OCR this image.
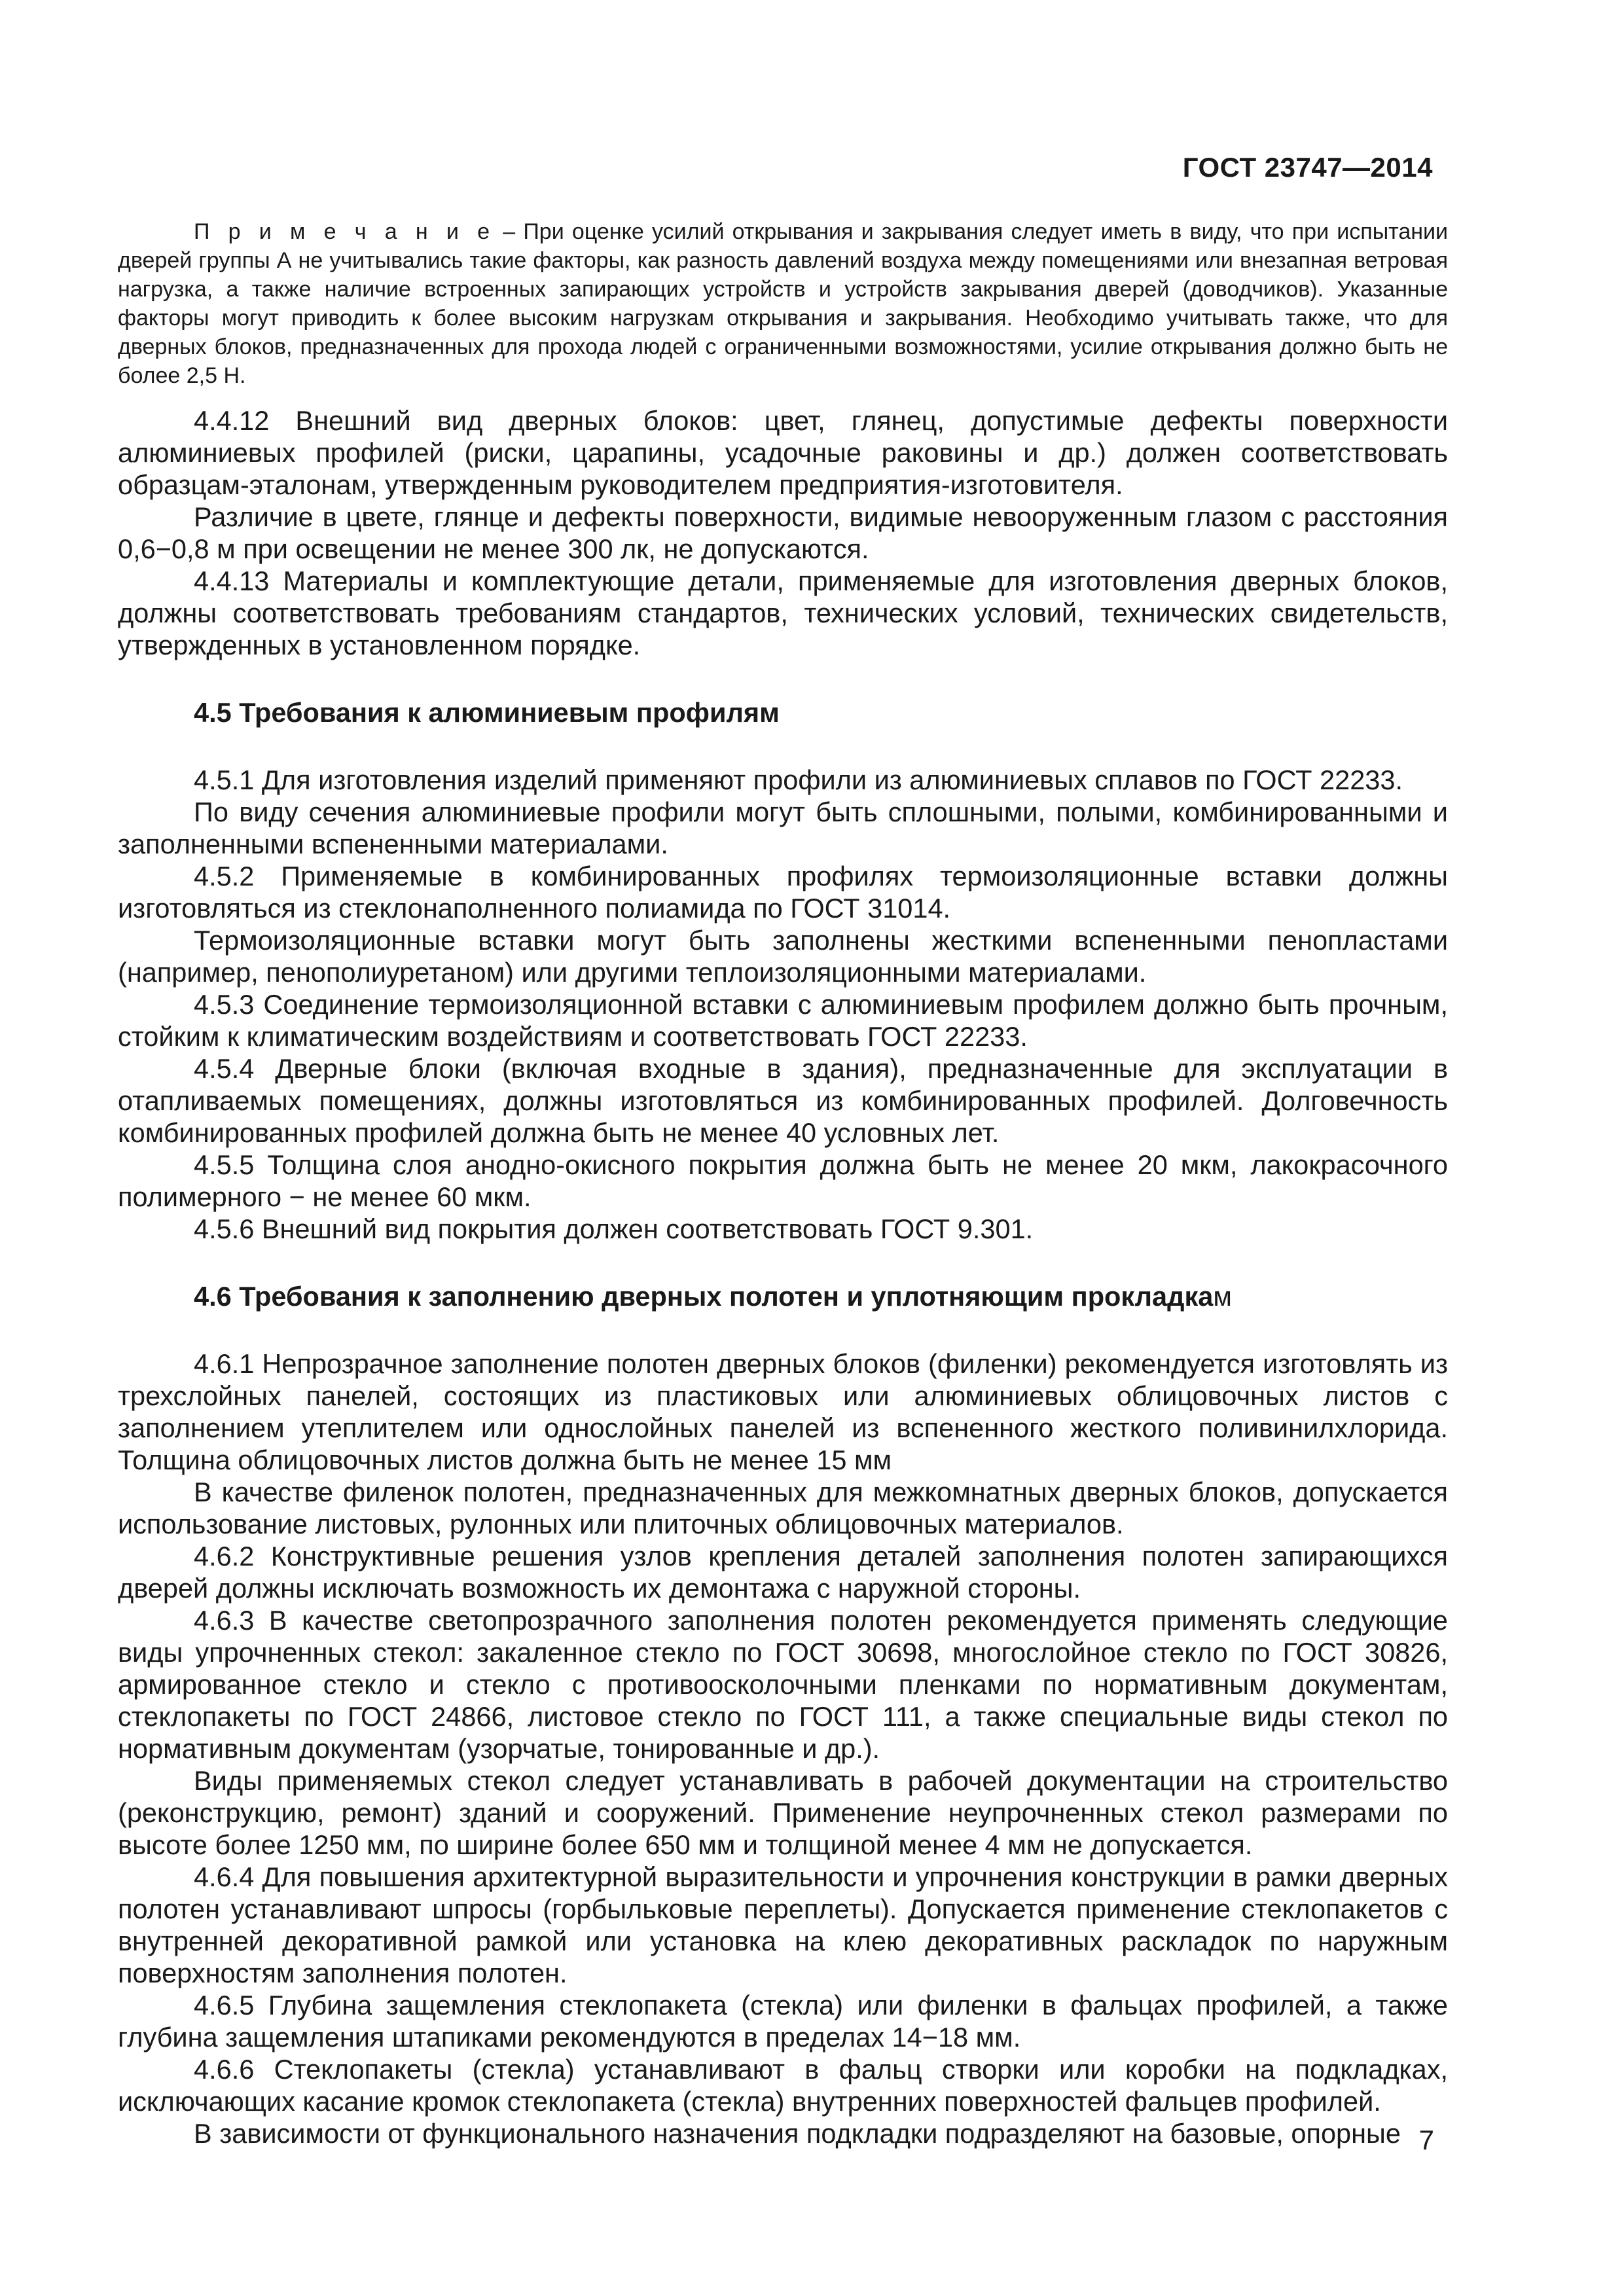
ГОСТ 23747—2014

П р и м е ч а н и е – При оценке усилий открывания и закрывания следует иметь в виду, что при испытании дверей группы А не учитывались такие факторы, как разность давлений воздуха между помещениями или внезапная ветровая нагрузка, а также наличие встроенных запирающих устройств и устройств закрывания дверей (доводчиков). Указанные факторы могут приводить к более высоким нагрузкам открывания и закрывания. Необходимо учитывать также, что для дверных блоков, предназначенных для прохода людей с ограниченными возможностями, усилие открывания должно быть не более 2,5 Н.

4.4.12 Внешний вид дверных блоков: цвет, глянец, допустимые дефекты поверхности алюминиевых профилей (риски, царапины, усадочные раковины и др.) должен соответствовать образцам-эталонам, утвержденным руководителем предприятия-изготовителя.

Различие в цвете, глянце и дефекты поверхности, видимые невооруженным глазом с расстояния 0,6−0,8 м при освещении не менее 300 лк, не допускаются.

4.4.13 Материалы и комплектующие детали, применяемые для изготовления дверных блоков, должны соответствовать требованиям стандартов, технических условий, технических свидетельств, утвержденных в установленном порядке.

4.5 Требования к алюминиевым профилям

4.5.1 Для изготовления изделий применяют профили из алюминиевых сплавов по ГОСТ 22233.

По виду сечения алюминиевые профили могут быть сплошными, полыми, комбинированными и заполненными вспененными материалами.

4.5.2 Применяемые в комбинированных профилях термоизоляционные вставки должны изготовляться из стеклонаполненного полиамида по ГОСТ 31014.

Термоизоляционные вставки могут быть заполнены жесткими вспененными пенопластами (например, пенополиуретаном) или другими теплоизоляционными материалами.

4.5.3 Соединение термоизоляционной вставки с алюминиевым профилем должно быть прочным, стойким к климатическим воздействиям и соответствовать ГОСТ 22233.

4.5.4 Дверные блоки (включая входные в здания), предназначенные для эксплуатации в отапливаемых помещениях, должны изготовляться из комбинированных профилей. Долговечность комбинированных профилей должна быть не менее 40 условных лет.

4.5.5 Толщина слоя анодно-окисного покрытия должна быть не менее 20 мкм, лакокрасочного полимерного − не менее 60 мкм.

4.5.6 Внешний вид покрытия должен соответствовать ГОСТ 9.301.

4.6 Требования к заполнению дверных полотен и уплотняющим прокладкам

4.6.1 Непрозрачное заполнение полотен дверных блоков (филенки) рекомендуется изготовлять из трехслойных панелей, состоящих из пластиковых или алюминиевых облицовочных листов с заполнением утеплителем или однослойных панелей из вспененного жесткого поливинилхлорида. Толщина облицовочных листов должна быть не менее 15 мм

В качестве филенок полотен, предназначенных для межкомнатных дверных блоков, допускается использование листовых, рулонных или плиточных облицовочных материалов.

4.6.2 Конструктивные решения узлов крепления деталей заполнения полотен запирающихся дверей должны исключать возможность их демонтажа с наружной стороны.

4.6.3 В качестве светопрозрачного заполнения полотен рекомендуется применять следующие виды упрочненных стекол: закаленное стекло по ГОСТ 30698, многослойное стекло по ГОСТ 30826, армированное стекло и стекло с противоосколочными пленками по нормативным документам, стеклопакеты по ГОСТ 24866, листовое стекло по ГОСТ 111, а также специальные виды стекол по нормативным документам (узорчатые, тонированные и др.).

Виды применяемых стекол следует устанавливать в рабочей документации на строительство (реконструкцию, ремонт) зданий и сооружений. Применение неупрочненных стекол размерами по высоте более 1250 мм, по ширине более 650 мм и толщиной менее 4 мм не допускается.

4.6.4 Для повышения архитектурной выразительности и упрочнения конструкции в рамки дверных полотен устанавливают шпросы (горбыльковые переплеты). Допускается применение стеклопакетов с внутренней декоративной рамкой или установка на клею декоративных раскладок по наружным поверхностям заполнения полотен.

4.6.5 Глубина защемления стеклопакета (стекла) или филенки в фальцах профилей, а также глубина защемления штапиками рекомендуются в пределах 14−18 мм.

4.6.6 Стеклопакеты (стекла) устанавливают в фальц створки или коробки на подкладках, исключающих касание кромок стеклопакета (стекла) внутренних поверхностей фальцев профилей.

В зависимости от функционального назначения подкладки подразделяют на базовые, опорные 7
